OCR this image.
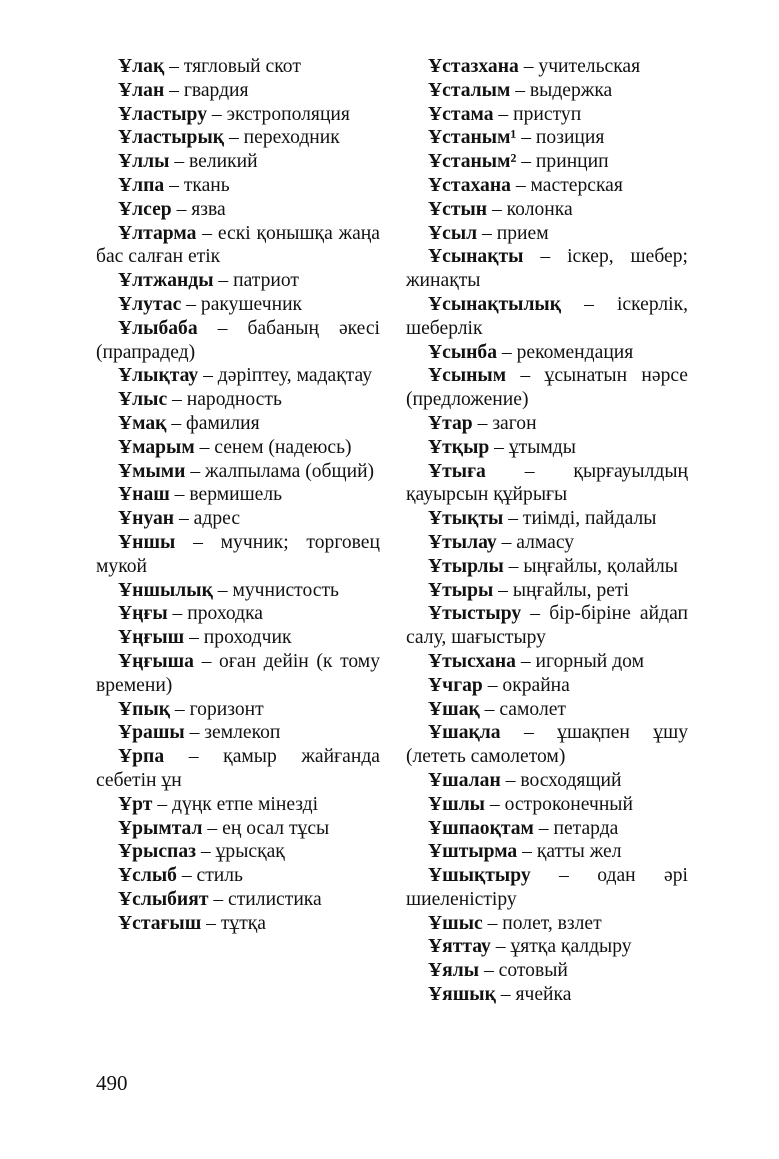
Ұлақ – тягловый скот

Ұлан – гвардия

Ұластыру – экстрополяция

Ұластырық – переходник

Ұллы – великий

Ұлпа – ткань

Ұлсер – язва

Ұлтарма – ескі қонышқа жаңа бас салған етік

Ұлтжанды – патриот

Ұлутас – ракушечник

Ұлыбаба – бабаның әкесі (прапрадед)

Ұлықтау – дәріптеу, мадақтау

Ұлыс – народность

Ұмақ – фамилия

Ұмарым – сенем (надеюсь)

Ұмыми – жалпылама (общий)

Ұнаш – вермишель

Ұнуан – адрес

Ұншы – мучник; торговец мукой

Ұншылық – мучнистость

Ұңғы – проходка

Ұңғыш – проходчик

Ұңғыша – оған дейін (к тому времени)

Ұпық – горизонт

Ұрашы – землекоп

Ұрпа – қамыр жайғанда себетін ұн

Ұрт – дүңк етпе мінезді

Ұрымтал – ең осал тұсы

Ұрыспаз – ұрысқақ

Ұслыб – стиль

Ұслыбият – стилистика

Ұстағыш – тұтқа

Ұстазхана – учительская

Ұсталым – выдержка

Ұстама – приступ

Ұстаным¹ – позиция

Ұстаным² – принцип

Ұстахана – мастерская

Ұстын – колонка

Ұсыл – прием

Ұсынақты – іскер, шебер; жинақты

Ұсынақтылық – іскерлік, шеберлік

Ұсынба – рекомендация

Ұсыным – ұсынатын нәрсе (предложение)

Ұтар – загон

Ұтқыр – ұтымды

Ұтыға – қырғауылдың қауырсын құйрығы

Ұтықты – тиімді, пайдалы

Ұтылау – алмасу

Ұтырлы – ыңғайлы, қолайлы

Ұтыры – ыңғайлы, реті

Ұтыстыру – бір-біріне айдап салу, шағыстыру

Ұтысхана – игорный дом

Ұчгар – окрайна

Ұшақ – самолет

Ұшақла – ұшақпен ұшу (лететь самолетом)

Ұшалан – восходящий

Ұшлы – остроконечный

Ұшпаоқтам – петарда

Ұштырма – қатты жел

Ұшықтыру – одан әрі шиеленістіру

Ұшыс – полет, взлет

Ұяттау – ұятқа қалдыру

Ұялы – сотовый

Ұяшық – ячейка

490
